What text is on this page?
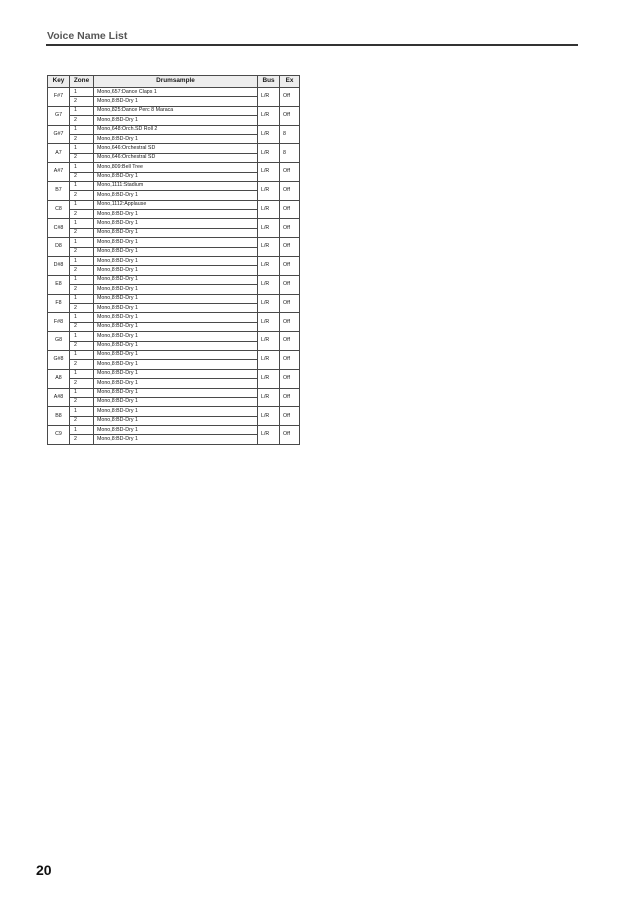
Voice Name List
Key	Zone	Drumsample	Bus	Ex
F#7	1	Mono,657:Dance Claps 1	L/R	Off
	2	Mono,8:BD-Dry 1		
G7	1	Mono,825:Dance Perc 8 Maraca	L/R	Off
	2	Mono,8:BD-Dry 1		
G#7	1	Mono,648:Orch.SD Roll 2	L/R	8
	2	Mono,8:BD-Dry 1		
A7	1	Mono,646:Orchestral SD	L/R	8
	2	Mono,646:Orchestral SD		
A#7	1	Mono,809:Bell Tree	L/R	Off
	2	Mono,8:BD-Dry 1		
B7	1	Mono,1111:Stadium	L/R	Off
	2	Mono,8:BD-Dry 1		
C8	1	Mono,1112:Applause	L/R	Off
	2	Mono,8:BD-Dry 1		
C#8	1	Mono,8:BD-Dry 1	L/R	Off
	2	Mono,8:BD-Dry 1		
D8	1	Mono,8:BD-Dry 1	L/R	Off
	2	Mono,8:BD-Dry 1		
D#8	1	Mono,8:BD-Dry 1	L/R	Off
	2	Mono,8:BD-Dry 1		
E8	1	Mono,8:BD-Dry 1	L/R	Off
	2	Mono,8:BD-Dry 1		
F8	1	Mono,8:BD-Dry 1	L/R	Off
	2	Mono,8:BD-Dry 1		
F#8	1	Mono,8:BD-Dry 1	L/R	Off
	2	Mono,8:BD-Dry 1		
G8	1	Mono,8:BD-Dry 1	L/R	Off
	2	Mono,8:BD-Dry 1		
G#8	1	Mono,8:BD-Dry 1	L/R	Off
	2	Mono,8:BD-Dry 1		
A8	1	Mono,8:BD-Dry 1	L/R	Off
	2	Mono,8:BD-Dry 1		
A#8	1	Mono,8:BD-Dry 1	L/R	Off
	2	Mono,8:BD-Dry 1		
B8	1	Mono,8:BD-Dry 1	L/R	Off
	2	Mono,8:BD-Dry 1		
C9	1	Mono,8:BD-Dry 1	L/R	Off
	2	Mono,8:BD-Dry 1		
20
